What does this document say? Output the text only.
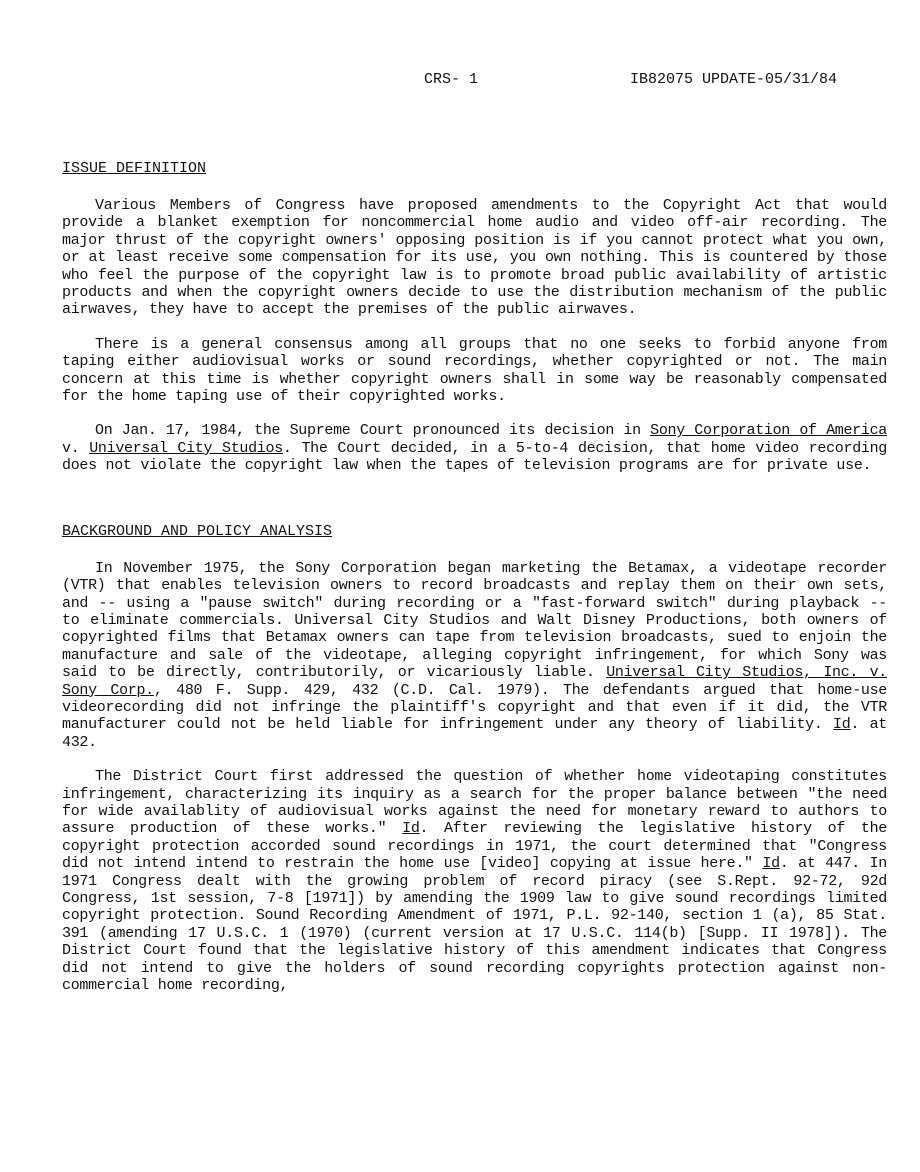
CRS- 1	IB82075 UPDATE-05/31/84
ISSUE DEFINITION

Various Members of Congress have proposed amendments to the Copyright Act that would provide a blanket exemption for noncommercial home audio and video off-air recording. The major thrust of the copyright owners' opposing position is if you cannot protect what you own, or at least receive some compensation for its use, you own nothing. This is countered by those who feel the purpose of the copyright law is to promote broad public availability of artistic products and when the copyright owners decide to use the distribution mechanism of the public airwaves, they have to accept the premises of the public airwaves.

There is a general consensus among all groups that no one seeks to forbid anyone from taping either audiovisual works or sound recordings, whether copyrighted or not. The main concern at this time is whether copyright owners shall in some way be reasonably compensated for the home taping use of their copyrighted works.

On Jan. 17, 1984, the Supreme Court pronounced its decision in Sony Corporation of America v. Universal City Studios. The Court decided, in a 5-to-4 decision, that home video recording does not violate the copyright law when the tapes of television programs are for private use.

BACKGROUND AND POLICY ANALYSIS

In November 1975, the Sony Corporation began marketing the Betamax, a videotape recorder (VTR) that enables television owners to record broadcasts and replay them on their own sets, and -- using a "pause switch" during recording or a "fast-forward switch" during playback -- to eliminate commercials. Universal City Studios and Walt Disney Productions, both owners of copyrighted films that Betamax owners can tape from television broadcasts, sued to enjoin the manufacture and sale of the videotape, alleging copyright infringement, for which Sony was said to be directly, contributorily, or vicariously liable. Universal City Studios, Inc. v. Sony Corp., 480 F. Supp. 429, 432 (C.D. Cal. 1979). The defendants argued that home-use videorecording did not infringe the plaintiff's copyright and that even if it did, the VTR manufacturer could not be held liable for infringement under any theory of liability. Id. at 432.

The District Court first addressed the question of whether home videotaping constitutes infringement, characterizing its inquiry as a search for the proper balance between "the need for wide availablity of audiovisual works against the need for monetary reward to authors to assure production of these works." Id. After reviewing the legislative history of the copyright protection accorded sound recordings in 1971, the court determined that "Congress did not intend intend to restrain the home use [video] copying at issue here." Id. at 447. In 1971 Congress dealt with the growing problem of record piracy (see S.Rept. 92-72, 92d Congress, 1st session, 7-8 [1971]) by amending the 1909 law to give sound recordings limited copyright protection. Sound Recording Amendment of 1971, P.L. 92-140, section 1 (a), 85 Stat. 391 (amending 17 U.S.C. 1 (1970) (current version at 17 U.S.C. 114(b) [Supp. II 1978]). The District Court found that the legislative history of this amendment indicates that Congress did not intend to give the holders of sound recording copyrights protection against non-commercial home recording,
